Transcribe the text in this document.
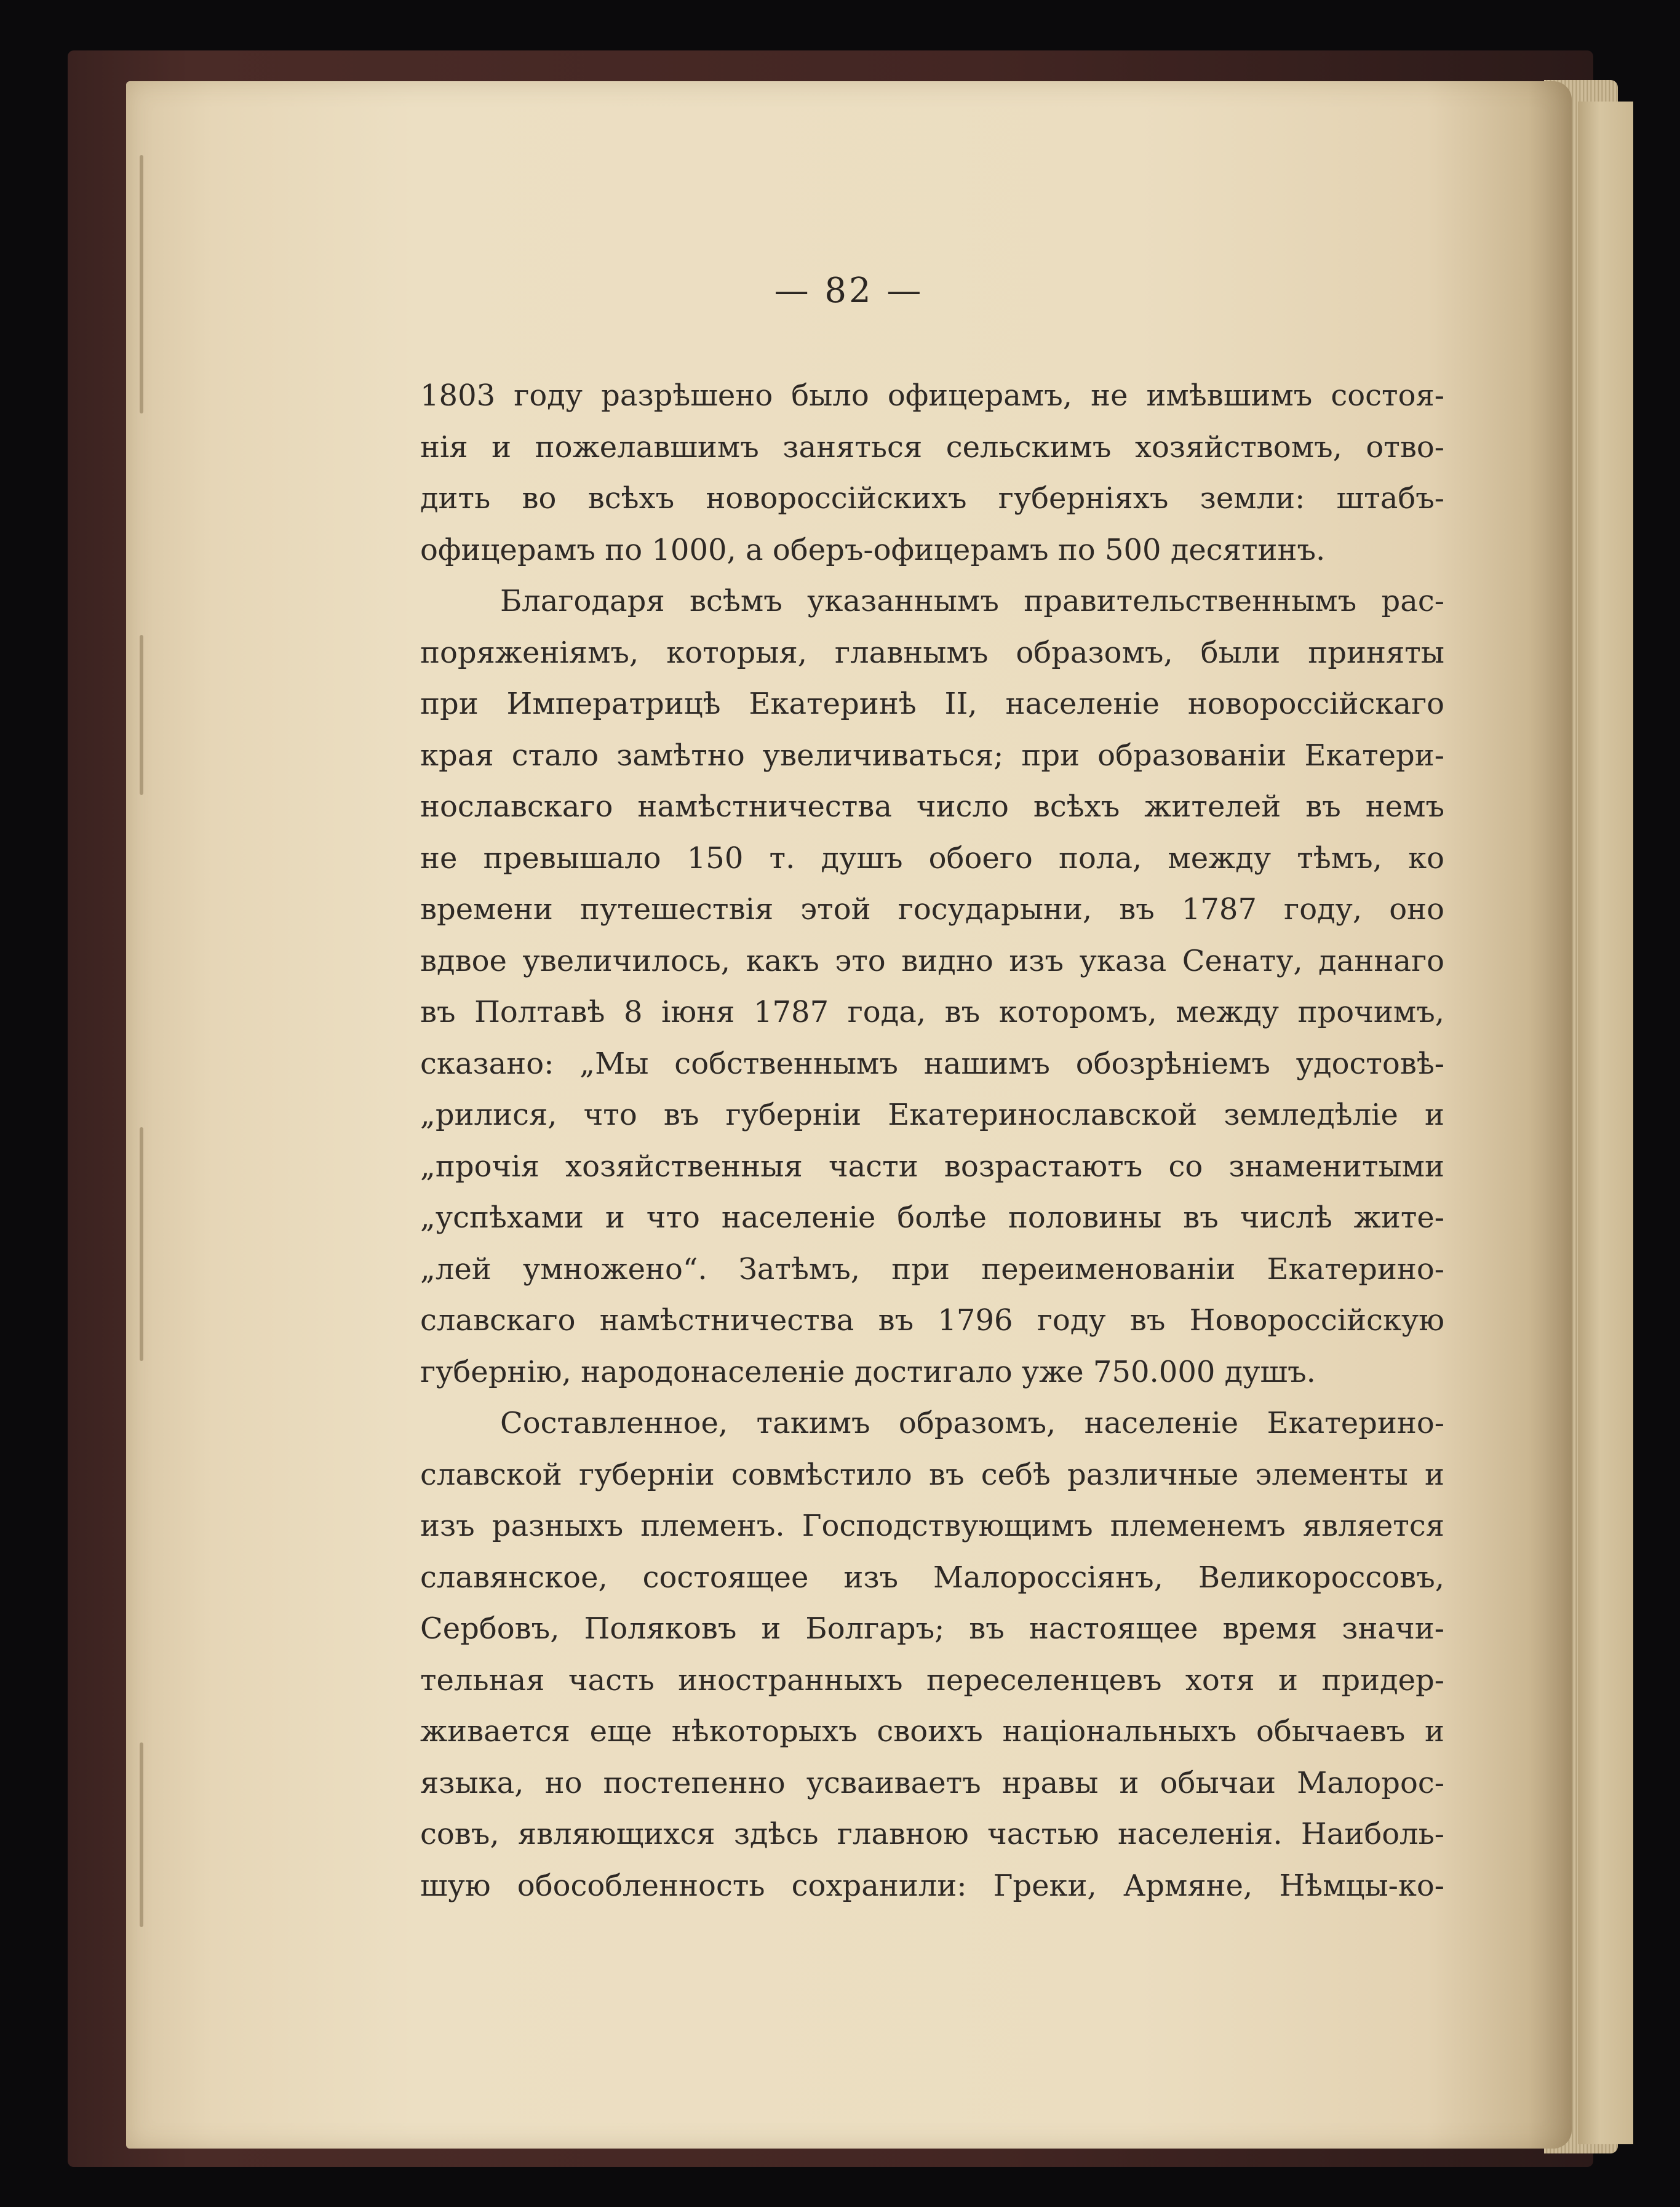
— 82 —
1803 году разрѣшено было офицерамъ, не имѣвшимъ состоя-
нія и пожелавшимъ заняться сельскимъ хозяйствомъ, отво-
дить во всѣхъ новороссійскихъ губерніяхъ земли: штабъ-
офицерамъ по 1000, а оберъ-офицерамъ по 500 десятинъ.
Благодаря всѣмъ указаннымъ правительственнымъ рас-
поряженіямъ, которыя, главнымъ образомъ, были приняты
при Императрицѣ Екатеринѣ II, населеніе новороссійскаго
края стало замѣтно увеличиваться; при образованіи Екатери-
нославскаго намѣстничества число всѣхъ жителей въ немъ
не превышало 150 т. душъ обоего пола, между тѣмъ, ко
времени путешествія этой государыни, въ 1787 году, оно
вдвое увеличилось, какъ это видно изъ указа Сенату, даннаго
въ Полтавѣ 8 іюня 1787 года, въ которомъ, между прочимъ,
сказано: „Мы собственнымъ нашимъ обозрѣніемъ удостовѣ-
„рилися, что въ губерніи Екатеринославской земледѣліе и
„прочія хозяйственныя части возрастаютъ со знаменитыми
„успѣхами и что населеніе болѣе половины въ числѣ жите-
„лей умножено“. Затѣмъ, при переименованіи Екатерино-
славскаго намѣстничества въ 1796 году въ Новороссійскую
губернію, народонаселеніе достигало уже 750.000 душъ.
Составленное, такимъ образомъ, населеніе Екатерино-
славской губерніи совмѣстило въ себѣ различные элементы и
изъ разныхъ племенъ. Господствующимъ племенемъ является
славянское, состоящее изъ Малороссіянъ, Великороссовъ,
Сербовъ, Поляковъ и Болгаръ; въ настоящее время значи-
тельная часть иностранныхъ переселенцевъ хотя и придер-
живается еще нѣкоторыхъ своихъ національныхъ обычаевъ и
языка, но постепенно усваиваетъ нравы и обычаи Малорос-
совъ, являющихся здѣсь главною частью населенія. Наиболь-
шую обособленность сохранили: Греки, Армяне, Нѣмцы-ко-
